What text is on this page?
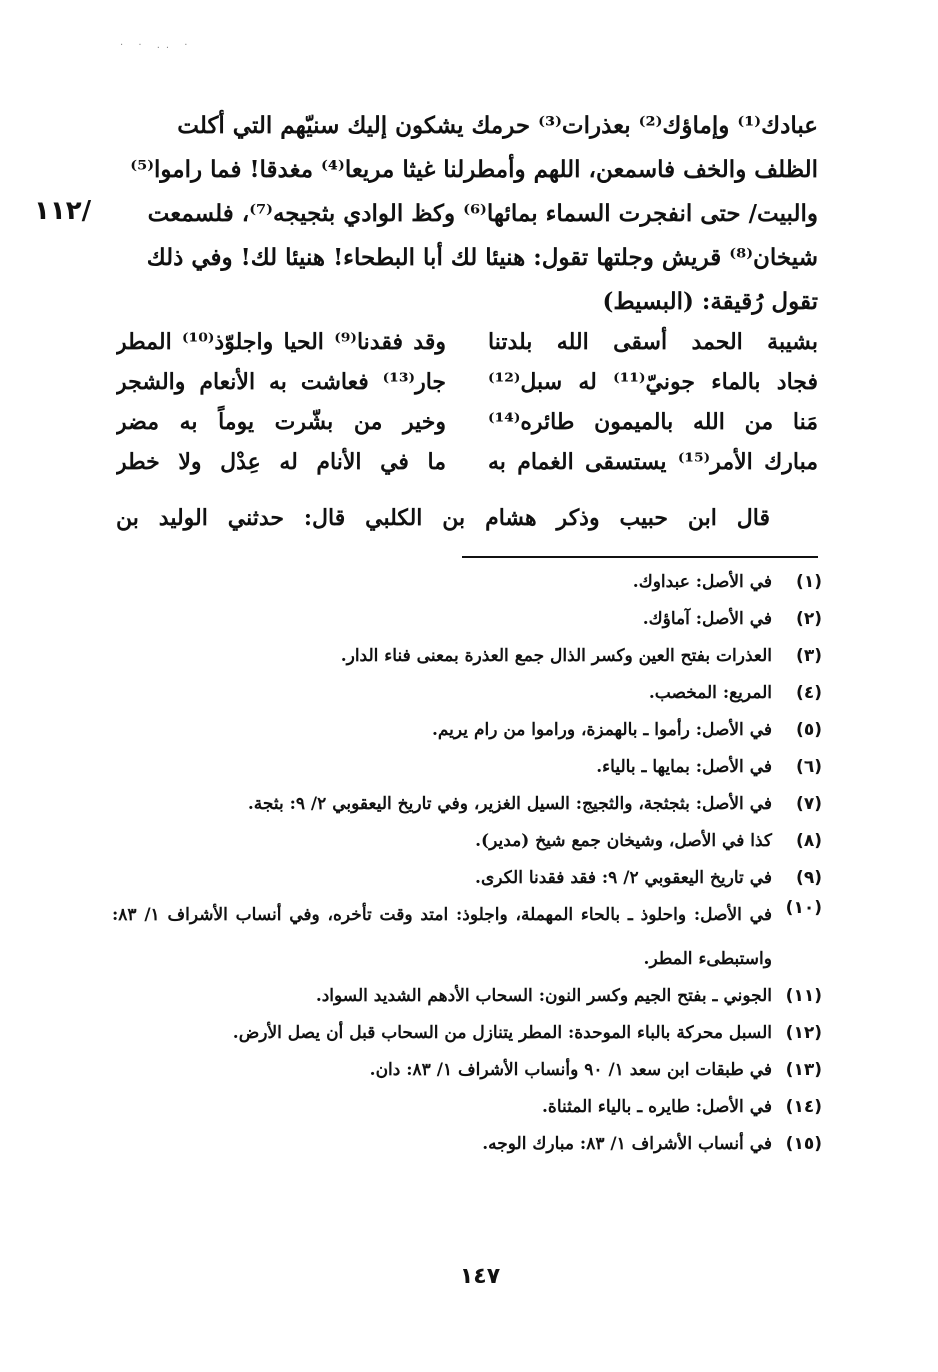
· · .. ·
١١٢/
عبادك⁽¹⁾ وإماؤك⁽²⁾ بعذرات⁽³⁾ حرمك يشكون إليك سنيّهم التي أكلت
الظلف والخف فاسمعن، اللهم وأمطرلنا غيثا مريعا⁽⁴⁾ مغدقا! فما راموا⁽⁵⁾
والبيت/ حتى انفجرت السماء بمائها⁽⁶⁾ وكظ الوادي بثجيجه⁽⁷⁾، فلسمعت
شيخان⁽⁸⁾ قريش وجلتها تقول: هنيئا لك أبا البطحاء! هنيئا لك! وفي ذلك
تقول رُقيقة: (البسيط)
بشيبة الحمد أسقى الله بلدتنا
وقد فقدنا⁽⁹⁾ الحيا واجلوّذ⁽¹⁰⁾ المطر
فجاد بالماء جونيّ⁽¹¹⁾ له سبل⁽¹²⁾
جار⁽¹³⁾ فعاشت به الأنعام والشجر
مَنا من الله بالميمون طائره⁽¹⁴⁾
وخير من بشّرت يوماً به مضر
مبارك الأمر⁽¹⁵⁾ يستسقى الغمام به
ما في الأنام له عِدْل ولا خطر
قال ابن حبيب وذكر هشام بن الكلبي قال: حدثني الوليد بن
(١)
في الأصل: عبداوك.
(٢)
في الأصل: آماؤك.
(٣)
العذرات بفتح العين وكسر الذال جمع العذرة بمعنى فناء الدار.
(٤)
المريع: المخصب.
(٥)
في الأصل: رأموا ـ بالهمزة، وراموا من رام يريم.
(٦)
في الأصل: بمايها ـ بالياء.
(٧)
في الأصل: بثجثجة، والثجيج: السيل الغزير، وفي تاريخ اليعقوبي ٢/ ٩: بثجة.
(٨)
كذا في الأصل، وشيخان جمع شيخ (مدير).
(٩)
في تاريخ اليعقوبي ٢/ ٩: فقد فقدنا الكرى.
(١٠)
في الأصل: واحلوذ ـ بالحاء المهملة، واجلوذ: امتد وقت تأخره، وفي أنساب الأشراف ١/ ٨٣: واستبطىء المطر.
(١١)
الجوني ـ بفتح الجيم وكسر النون: السحاب الأدهم الشديد السواد.
(١٢)
السبل محركة بالباء الموحدة: المطر يتنازل من السحاب قبل أن يصل الأرض.
(١٣)
في طبقات ابن سعد ١/ ٩٠ وأنساب الأشراف ١/ ٨٣: دان.
(١٤)
في الأصل: طايره ـ بالياء المثناة.
(١٥)
في أنساب الأشراف ١/ ٨٣: مبارك الوجه.
١٤٧
